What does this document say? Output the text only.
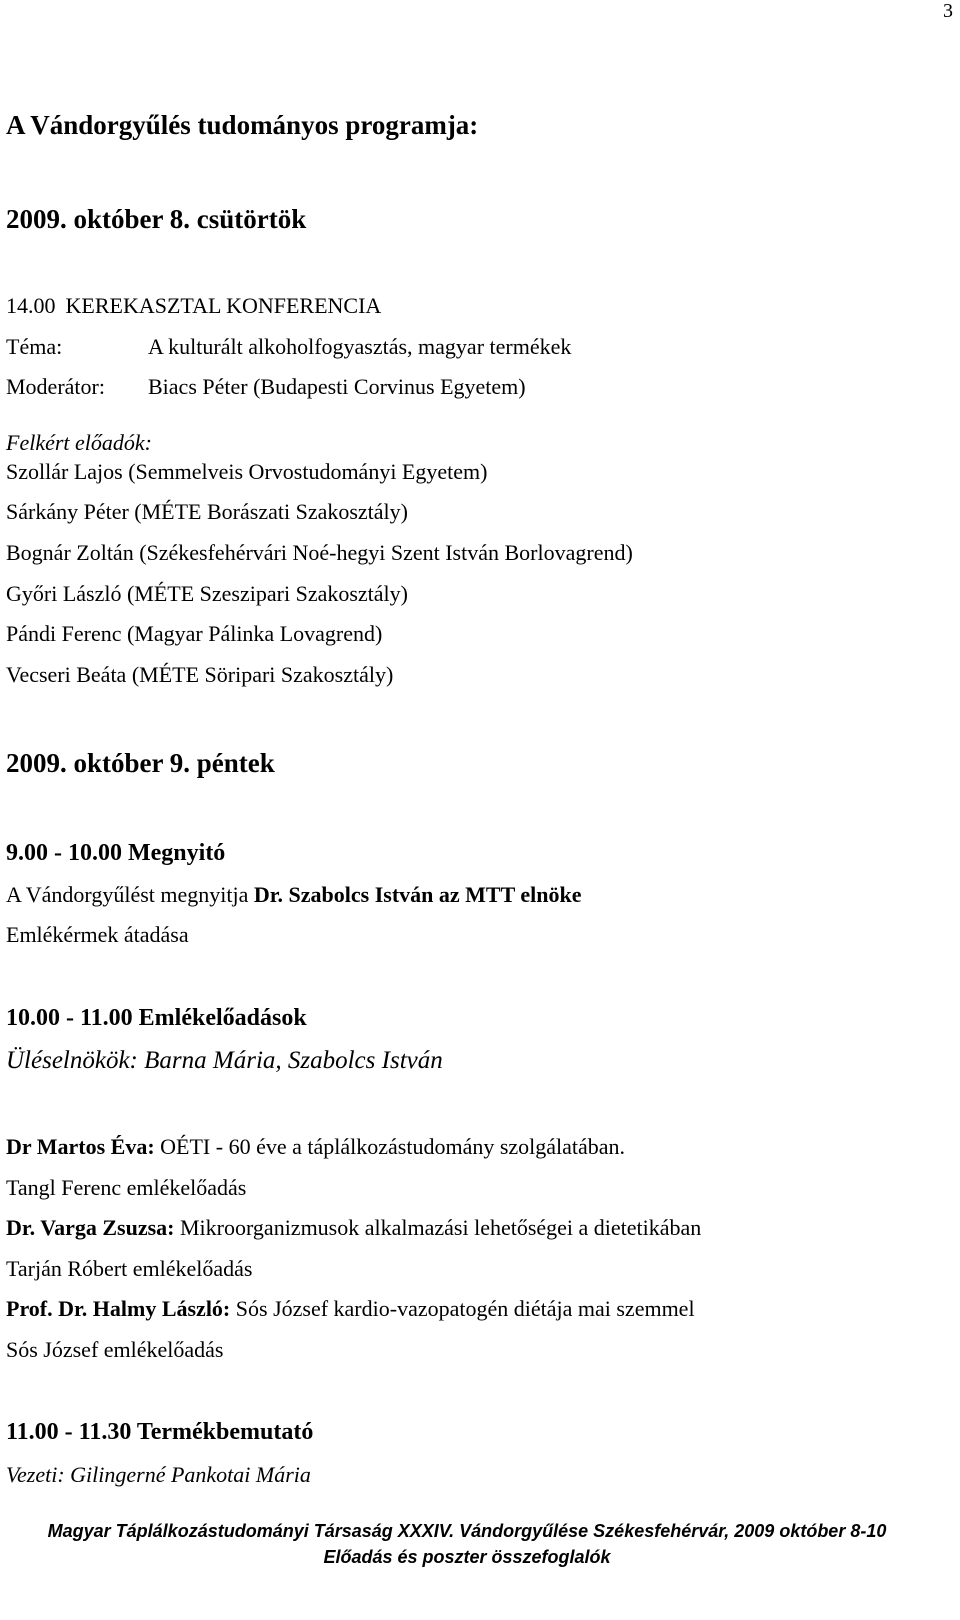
3
A Vándorgyűlés tudományos programja:
2009. október 8. csütörtök
14.00 KEREKASZTAL KONFERENCIA
Téma:	A kulturált alkoholfogyasztás, magyar termékek
Moderátor: Biacs Péter (Budapesti Corvinus Egyetem)
Felkért előadók:
Szollár Lajos (Semmelveis Orvostudományi Egyetem)
Sárkány Péter (MÉTE Borászati Szakosztály)
Bognár Zoltán (Székesfehérvári Noé-hegyi Szent István Borlovagrend)
Győri László (MÉTE Szeszipari Szakosztály)
Pándi Ferenc (Magyar Pálinka Lovagrend)
Vecseri Beáta (MÉTE Söripari Szakosztály)
2009. október 9. péntek
9.00 - 10.00 Megnyitó
A Vándorgyűlést megnyitja Dr. Szabolcs István az MTT elnöke
Emlékérmek átadása
10.00 - 11.00 Emlékelőadások
Üléselnökök: Barna Mária, Szabolcs István
Dr Martos Éva: OÉTI - 60 éve a táplálkozástudomány szolgálatában.
Tangl Ferenc emlékelőadás
Dr. Varga Zsuzsa: Mikroorganizmusok alkalmazási lehetőségei a dietetikában
Tarján Róbert emlékelőadás
Prof. Dr. Halmy László: Sós József kardio-vazopatogén diétája mai szemmel
Sós József emlékelőadás
11.00 - 11.30 Termékbemutató
Vezeti: Gilingerné Pankotai Mária
Magyar Táplálkozástudományi Társaság XXXIV. Vándorgyűlése Székesfehérvár, 2009 október 8-10
Előadás és poszter összefoglalók
